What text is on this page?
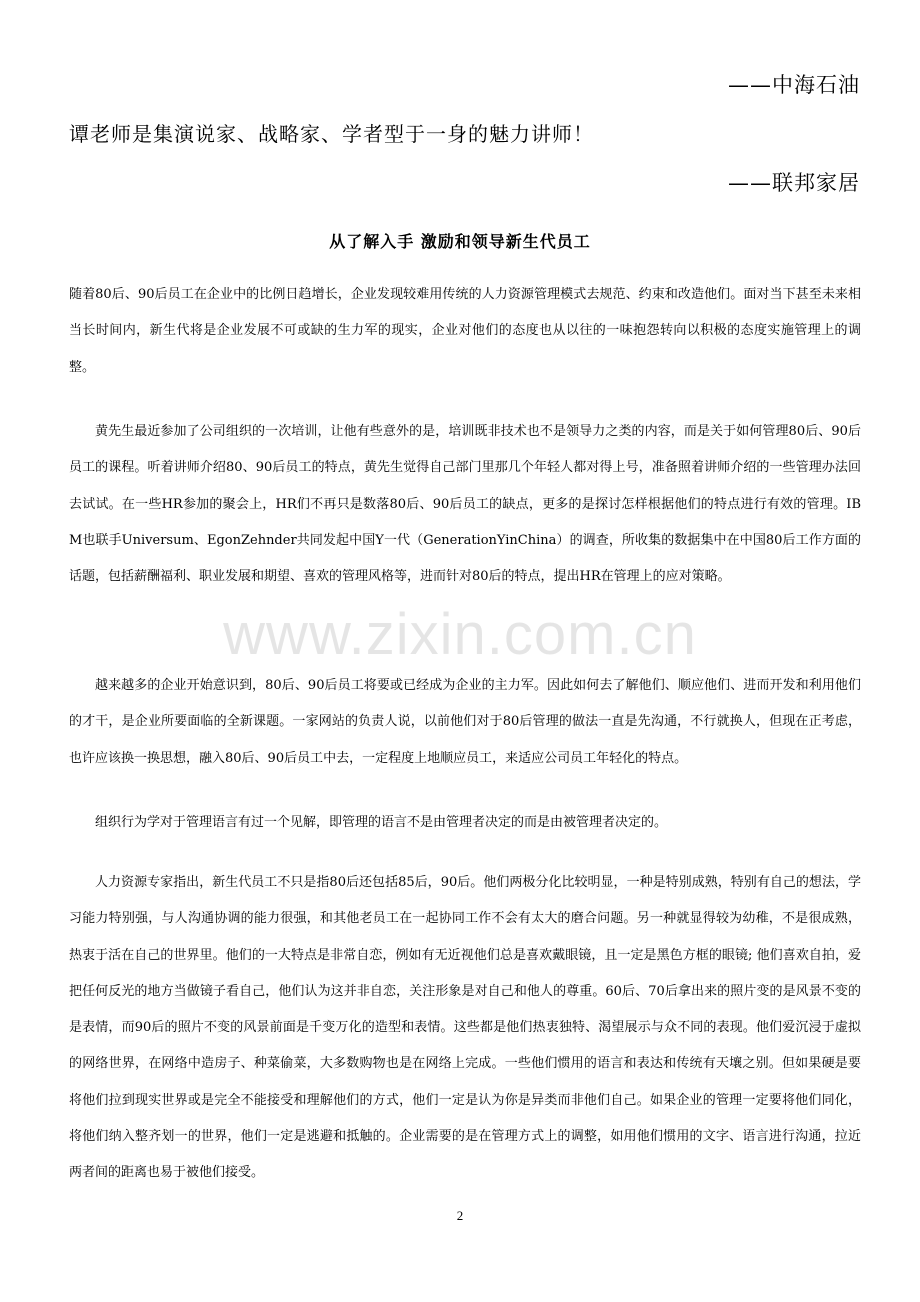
——中海石油
谭老师是集演说家、战略家、学者型于一身的魅力讲师！
——联邦家居
从了解入手 激励和领导新生代员工

随着80后、90后员工在企业中的比例日趋增长，企业发现较难用传统的人力资源管理模式去规范、约束和改造他们。面对当下甚至未来相当长时间内，新生代将是企业发展不可或缺的生力军的现实，企业对他们的态度也从以往的一味抱怨转向以积极的态度实施管理上的调整。

黄先生最近参加了公司组织的一次培训，让他有些意外的是，培训既非技术也不是领导力之类的内容，而是关于如何管理80后、90后员工的课程。听着讲师介绍80、90后员工的特点，黄先生觉得自己部门里那几个年轻人都对得上号，准备照着讲师介绍的一些管理办法回去试试。在一些HR参加的聚会上，HR们不再只是数落80后、90后员工的缺点，更多的是探讨怎样根据他们的特点进行有效的管理。IBM也联手Universum、EgonZehnder共同发起中国Y一代（GenerationYinChina）的调查，所收集的数据集中在中国80后工作方面的话题，包括薪酬福利、职业发展和期望、喜欢的管理风格等，进而针对80后的特点，提出HR在管理上的应对策略。

越来越多的企业开始意识到，80后、90后员工将要或已经成为企业的主力军。因此如何去了解他们、顺应他们、进而开发和利用他们的才干，是企业所要面临的全新课题。一家网站的负责人说，以前他们对于80后管理的做法一直是先沟通，不行就换人，但现在正考虑，也许应该换一换思想，融入80后、90后员工中去，一定程度上地顺应员工，来适应公司员工年轻化的特点。

组织行为学对于管理语言有过一个见解，即管理的语言不是由管理者决定的而是由被管理者决定的。

人力资源专家指出，新生代员工不只是指80后还包括85后，90后。他们两极分化比较明显，一种是特别成熟，特别有自己的想法，学习能力特别强，与人沟通协调的能力很强，和其他老员工在一起协同工作不会有太大的磨合问题。另一种就显得较为幼稚，不是很成熟，热衷于活在自己的世界里。他们的一大特点是非常自恋，例如有无近视他们总是喜欢戴眼镜，且一定是黑色方框的眼镜; 他们喜欢自拍，爱把任何反光的地方当做镜子看自己，他们认为这并非自恋，关注形象是对自己和他人的尊重。60后、70后拿出来的照片变的是风景不变的是表情，而90后的照片不变的风景前面是千变万化的造型和表情。这些都是他们热衷独特、渴望展示与众不同的表现。他们爱沉浸于虚拟的网络世界，在网络中造房子、种菜偷菜，大多数购物也是在网络上完成。一些他们惯用的语言和表达和传统有天壤之别。但如果硬是要将他们拉到现实世界或是完全不能接受和理解他们的方式，他们一定是认为你是异类而非他们自己。如果企业的管理一定要将他们同化，将他们纳入整齐划一的世界，他们一定是逃避和抵触的。企业需要的是在管理方式上的调整，如用他们惯用的文字、语言进行沟通，拉近两者间的距离也易于被他们接受。

www.zixin.com.cn
2
